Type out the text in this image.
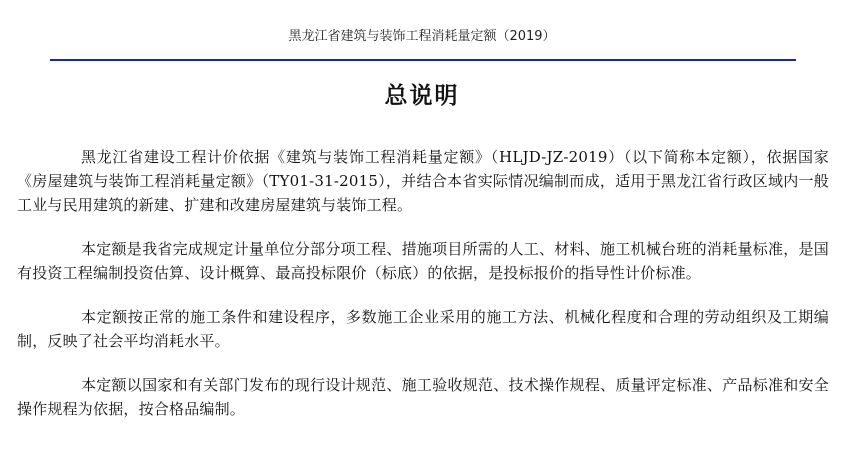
黑龙江省建筑与装饰工程消耗量定额（2019）
总说明

黑龙江省建设工程计价依据《建筑与装饰工程消耗量定额》（HLJD-JZ-2019）（以下简称本定额），依据国家《房屋建筑与装饰工程消耗量定额》（TY01-31-2015），并结合本省实际情况编制而成，适用于黑龙江省行政区域内一般工业与民用建筑的新建、扩建和改建房屋建筑与装饰工程。

本定额是我省完成规定计量单位分部分项工程、措施项目所需的人工、材料、施工机械台班的消耗量标准，是国有投资工程编制投资估算、设计概算、最高投标限价（标底）的依据，是投标报价的指导性计价标准。

本定额按正常的施工条件和建设程序，多数施工企业采用的施工方法、机械化程度和合理的劳动组织及工期编制，反映了社会平均消耗水平。

本定额以国家和有关部门发布的现行设计规范、施工验收规范、技术操作规程、质量评定标准、产品标准和安全操作规程为依据，按合格品编制。
